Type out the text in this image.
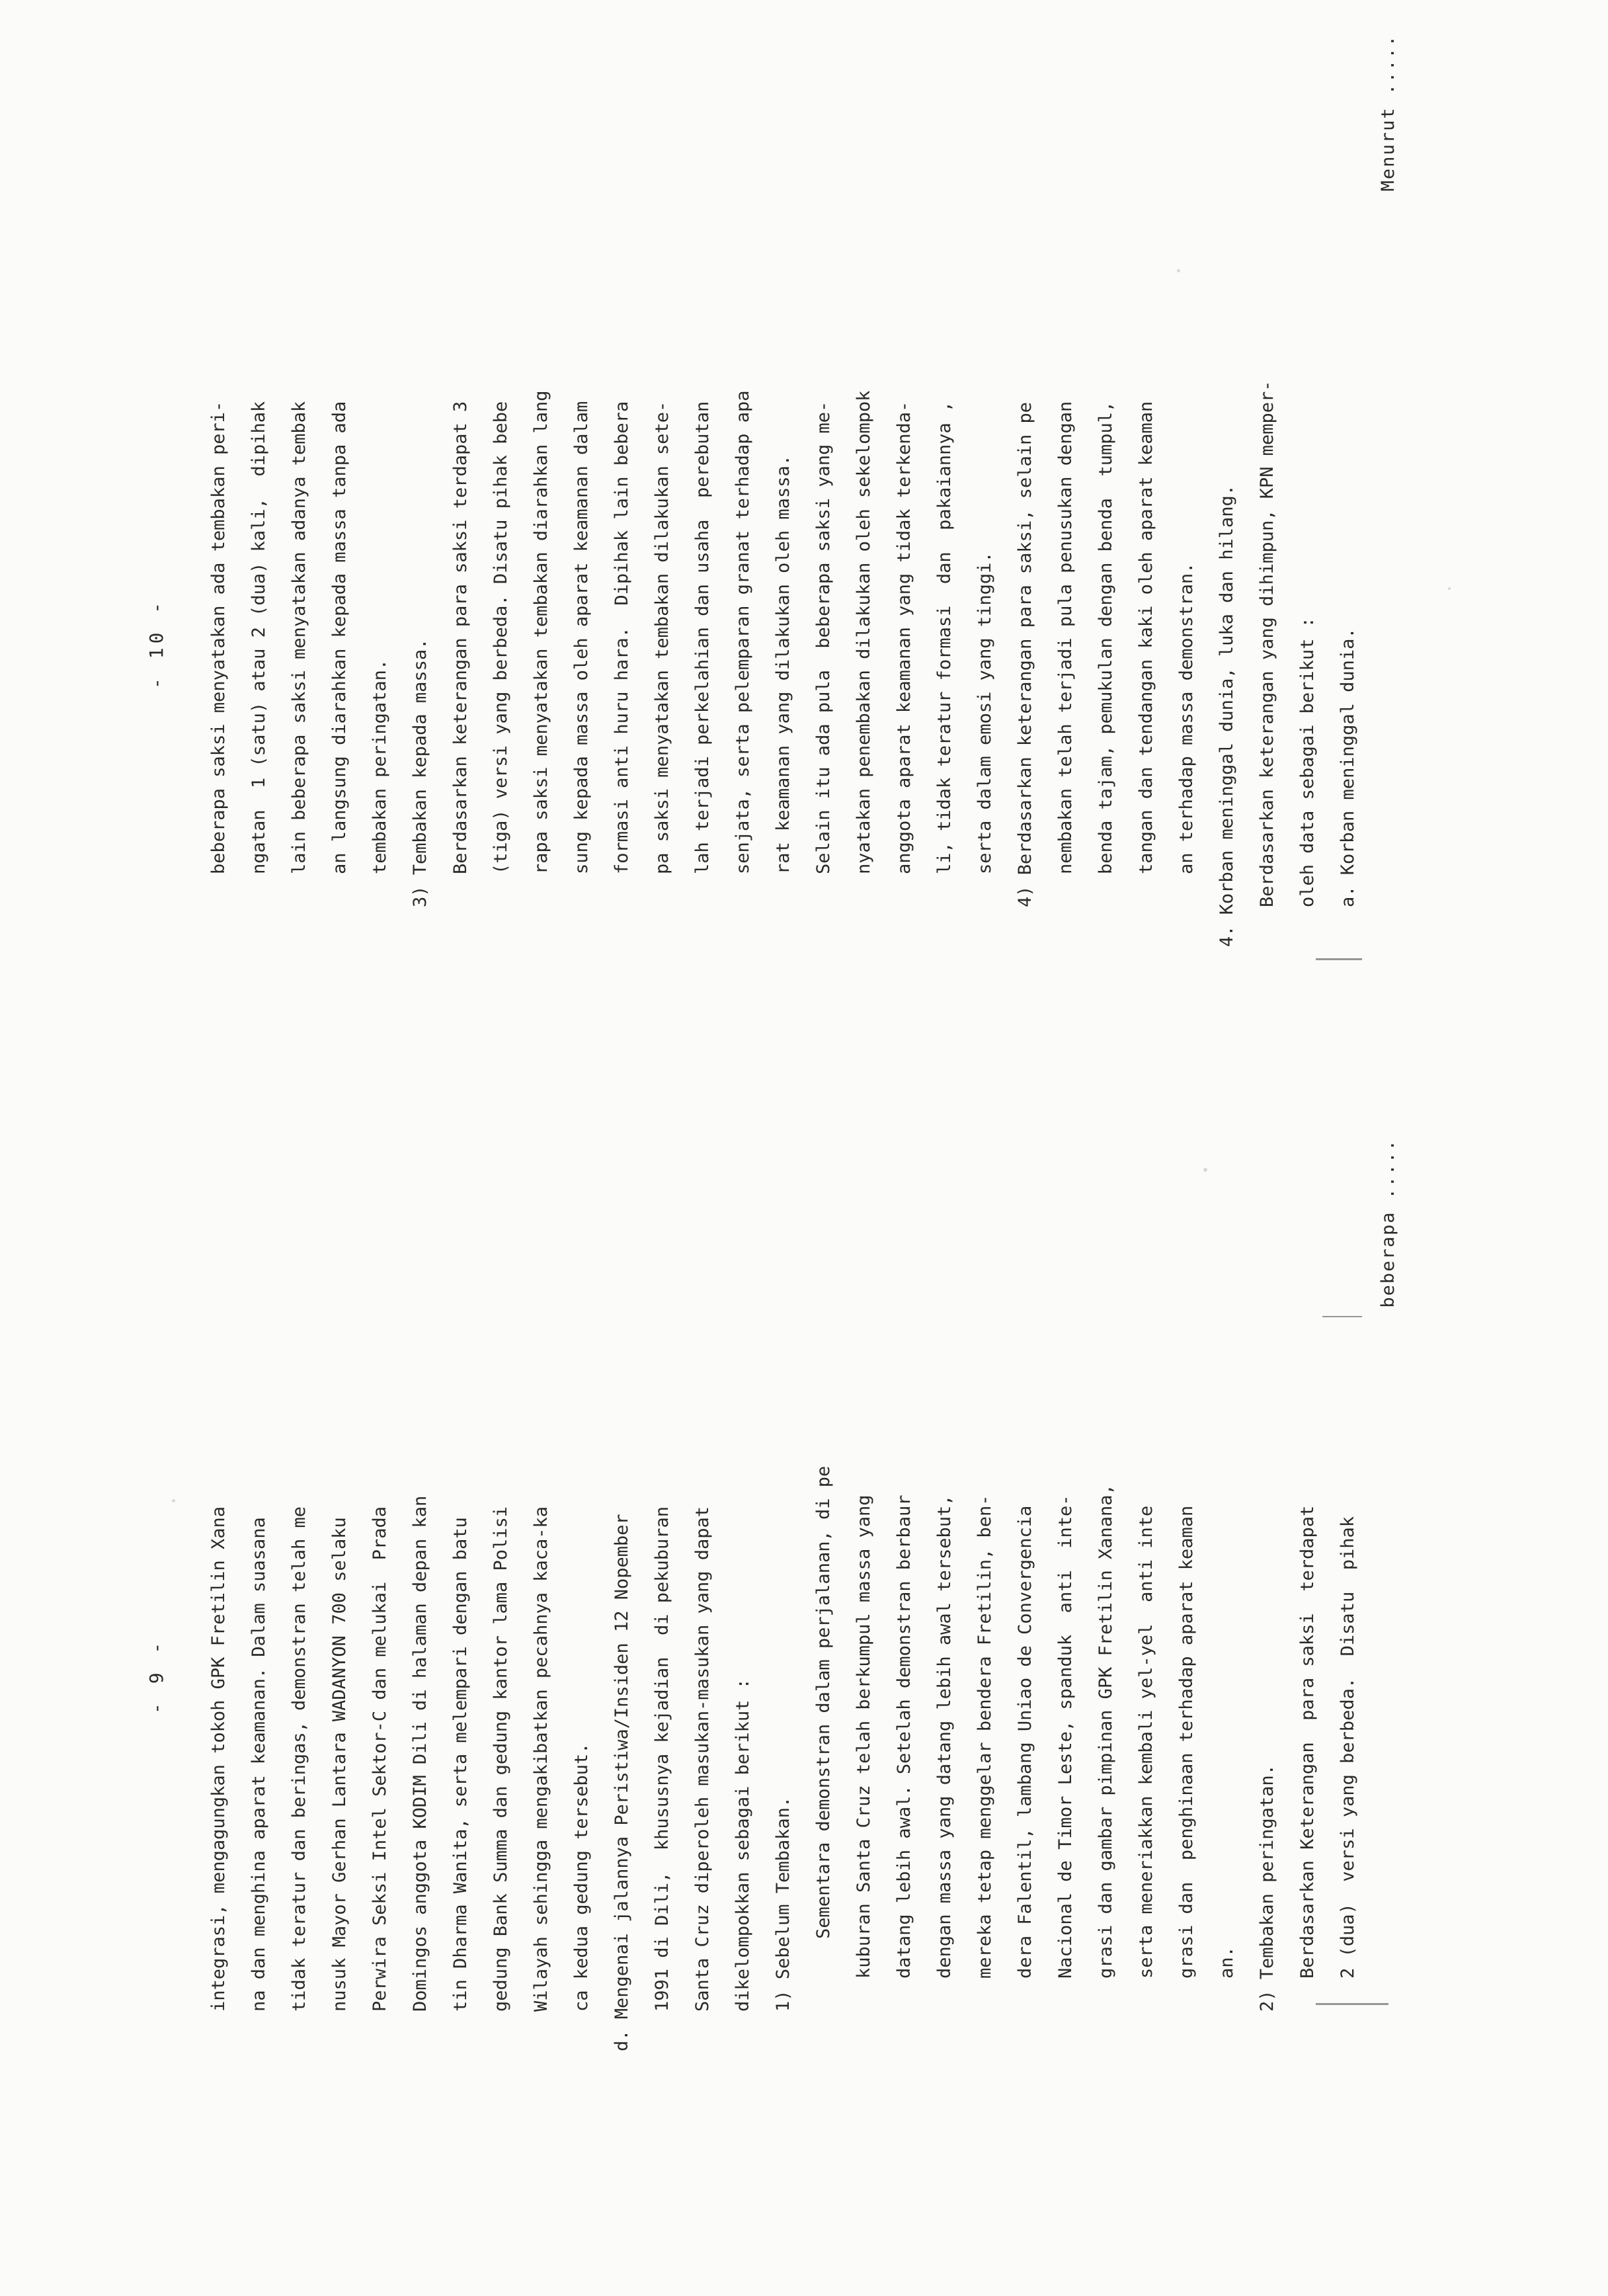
- 9 -
- 10 -
integrasi, mengagungkan tokoh GPK Fretilin Xana	na dan menghina aparat keamanan. Dalam suasana	tidak teratur dan beringas, demonstran telah me	nusuk Mayor Gerhan Lantara WADANYON 700 selaku	Perwira Seksi Intel Sektor-C dan melukai  Prada	Domingos anggota KODIM Dili di halaman depan kan	tin Dharma Wanita, serta melempari dengan batu	gedung Bank Summa dan gedung kantor lama Polisi	Wilayah sehingga mengakibatkan pecahnya kaca-ka	ca kedua gedung tersebut.	d. Mengenai jalannya Peristiwa/Insiden 12 Nopember	1991 di Dili,  khususnya kejadian  di pekuburan	Santa Cruz diperoleh masukan-masukan yang dapat	dikelompokkan sebagai berikut :	1) Sebelum Tembakan.	Sementara demonstran dalam perjalanan, di pe	kuburan Santa Cruz telah berkumpul massa yang	datang lebih awal. Setelah demonstran berbaur	dengan massa yang datang lebih awal tersebut,	mereka tetap menggelar bendera Fretilin, ben-	dera Falentil, lambang Uniao de Convergencia	Nacional de Timor Leste, spanduk  anti  inte-	grasi dan gambar pimpinan GPK Fretilin Xanana,	serta meneriakkan kembali yel-yel  anti inte	grasi dan  penghinaan terhadap aparat keaman	an.	2) Tembakan peringatan.	Berdasarkan Keterangan  para saksi  terdapat	2 (dua)  versi yang berbeda.  Disatu  pihak
beberapa .....
beberapa saksi menyatakan ada tembakan peri-	ngatan  1 (satu) atau 2 (dua) kali,  dipihak	lain beberapa saksi menyatakan adanya tembak	an langsung diarahkan kepada massa tanpa ada	tembakan peringatan.	3) Tembakan kepada massa.	Berdasarkan keterangan para saksi terdapat 3	(tiga) versi yang berbeda. Disatu pihak bebe	rapa saksi menyatakan tembakan diarahkan lang	sung kepada massa oleh aparat keamanan dalam	formasi anti huru hara.  Dipihak lain bebera	pa saksi menyatakan tembakan dilakukan sete-	lah terjadi perkelahian dan usaha  perebutan	senjata, serta pelemparan granat terhadap apa	rat keamanan yang dilakukan oleh massa.	Selain itu ada pula  beberapa saksi yang me-	nyatakan penembakan dilakukan oleh sekelompok	anggota aparat keamanan yang tidak terkenda-	li, tidak teratur formasi  dan  pakaiannya ,	serta dalam emosi yang tinggi.	4) Berdasarkan keterangan para saksi, selain pe	nembakan telah terjadi pula penusukan dengan	benda tajam, pemukulan dengan benda  tumpul,	tangan dan tendangan kaki oleh aparat keaman	an terhadap massa demonstran.	4. Korban meninggal dunia, luka dan hilang.	Berdasarkan keterangan yang dihimpun, KPN memper-	oleh data sebagai berikut :	a. Korban meninggal dunia.
Menurut .....
